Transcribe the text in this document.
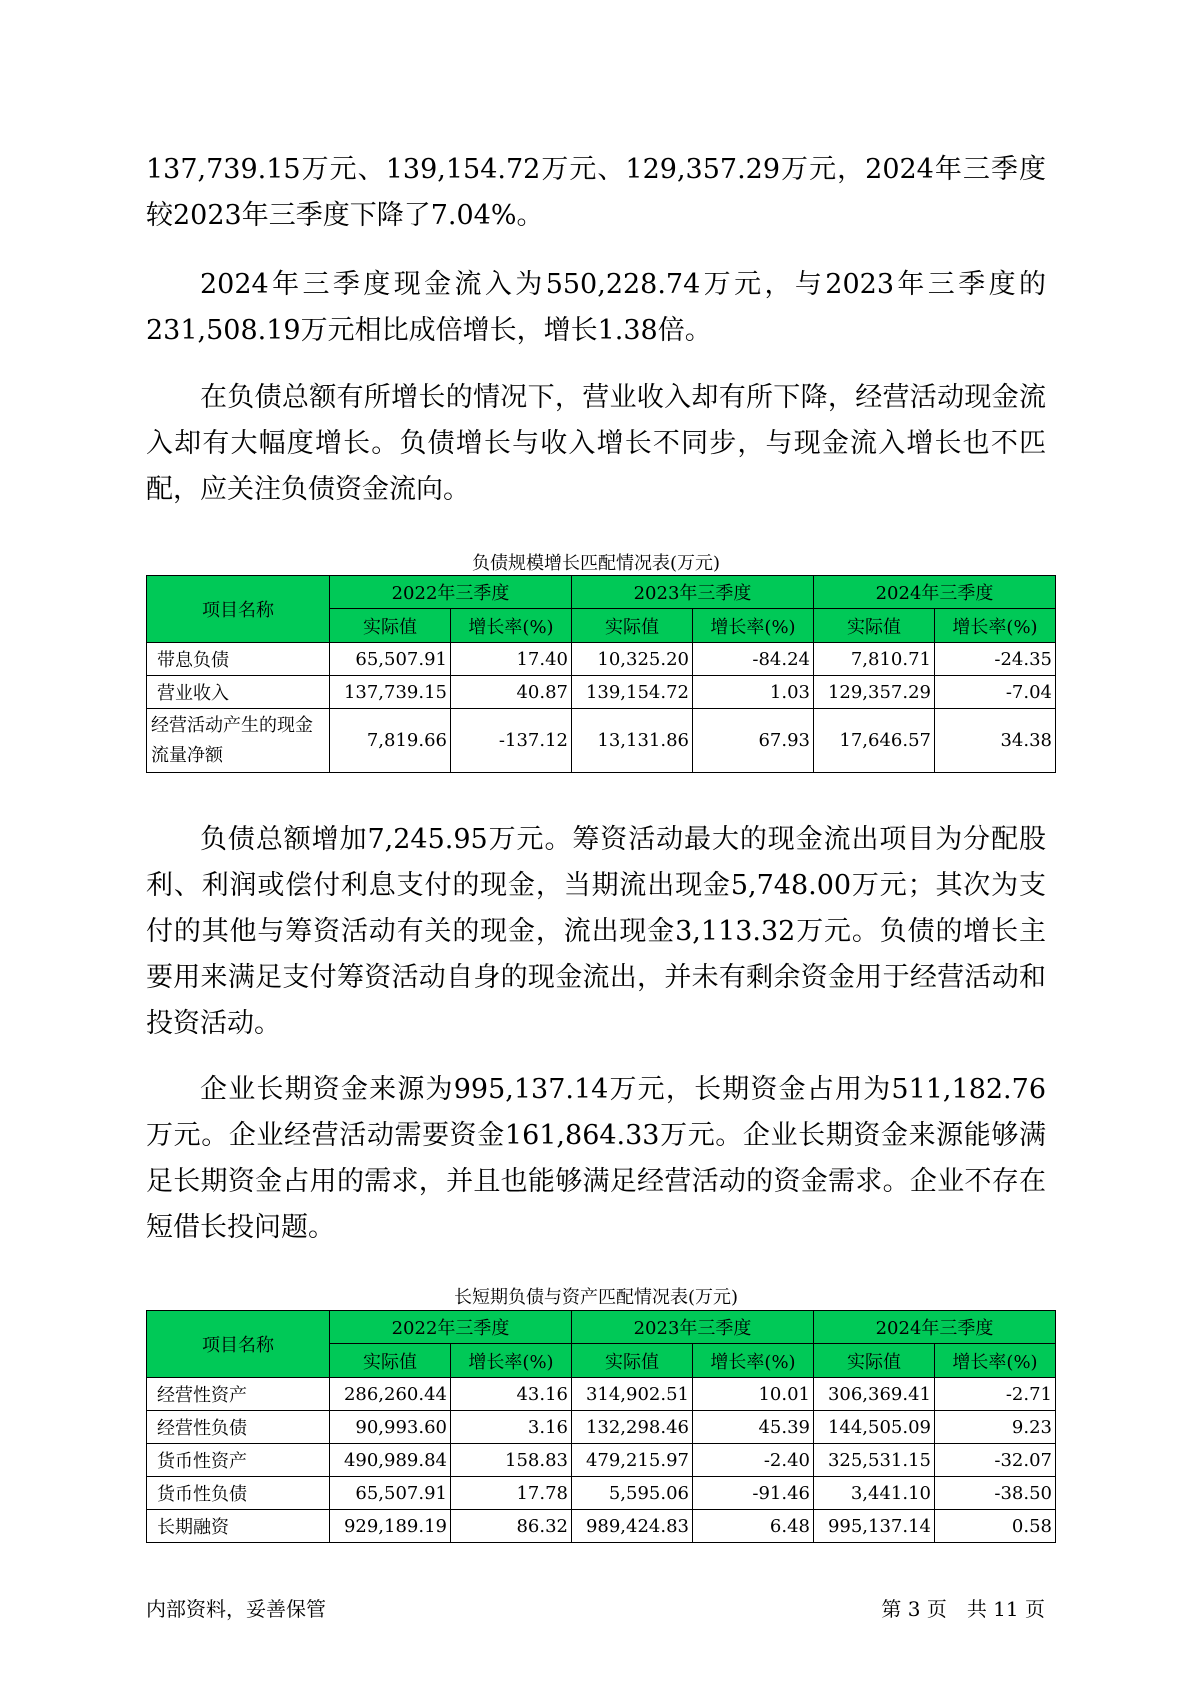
137,739.15万元、139,154.72万元、129,357.29万元，2024年三季度较2023年三季度下降了7.04%。

2024年三季度现金流入为550,228.74万元，与2023年三季度的231,508.19万元相比成倍增长，增长1.38倍。

在负债总额有所增长的情况下，营业收入却有所下降，经营活动现金流入却有大幅度增长。负债增长与收入增长不同步，与现金流入增长也不匹配，应关注负债资金流向。

负债规模增长匹配情况表(万元)
项目名称	2022年三季度		2023年三季度		2024年三季度	
	实际值	增长率(%)	实际值	增长率(%)	实际值	增长率(%)
带息负债	65,507.91	17.40	10,325.20	-84.24	7,810.71	-24.35
营业收入	137,739.15	40.87	139,154.72	1.03	129,357.29	-7.04
经营活动产生的现金流量净额	7,819.66	-137.12	13,131.86	67.93	17,646.57	34.38

负债总额增加7,245.95万元。筹资活动最大的现金流出项目为分配股利、利润或偿付利息支付的现金，当期流出现金5,748.00万元；其次为支付的其他与筹资活动有关的现金，流出现金3,113.32万元。负债的增长主要用来满足支付筹资活动自身的现金流出，并未有剩余资金用于经营活动和投资活动。

企业长期资金来源为995,137.14万元，长期资金占用为511,182.76万元。企业经营活动需要资金161,864.33万元。企业长期资金来源能够满足长期资金占用的需求，并且也能够满足经营活动的资金需求。企业不存在短借长投问题。

长短期负债与资产匹配情况表(万元)
项目名称	2022年三季度		2023年三季度		2024年三季度	
	实际值	增长率(%)	实际值	增长率(%)	实际值	增长率(%)
经营性资产	286,260.44	43.16	314,902.51	10.01	306,369.41	-2.71
经营性负债	90,993.60	3.16	132,298.46	45.39	144,505.09	9.23
货币性资产	490,989.84	158.83	479,215.97	-2.40	325,531.15	-32.07
货币性负债	65,507.91	17.78	5,595.06	-91.46	3,441.10	-38.50
长期融资	929,189.19	86.32	989,424.83	6.48	995,137.14	0.58
内部资料，妥善保管	第 3 页　共 11 页
